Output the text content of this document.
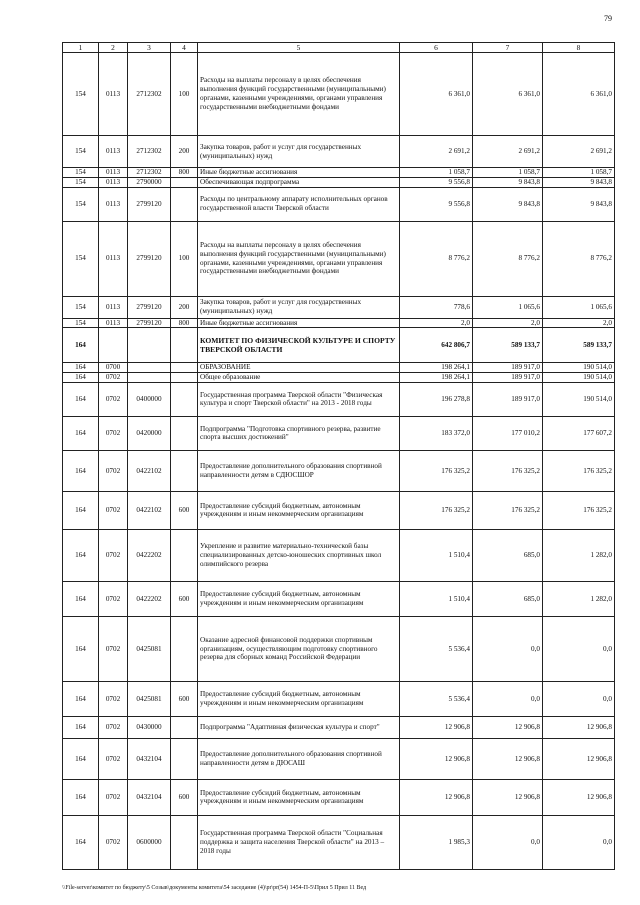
79
1	2	3	4	5	6	7	8
154	0113	2712302	100	Расходы на выплаты персоналу в целях обеспечения выполнения функций государственными (муниципальными) органами, казенными учреждениями, органами управления государственными внебюджетными фондами	6 361,0	6 361,0	6 361,0
154	0113	2712302	200	Закупка товаров, работ и услуг для государственных (муниципальных) нужд	2 691,2	2 691,2	2 691,2
154	0113	2712302	800	Иные бюджетные ассигнования	1 058,7	1 058,7	1 058,7
154	0113	2790000		Обеспечивающая подпрограмма	9 556,8	9 843,8	9 843,8
154	0113	2799120		Расходы по центральному аппарату исполнительных органов государственной власти Тверской области	9 556,8	9 843,8	9 843,8
154	0113	2799120	100	Расходы на выплаты персоналу в целях обеспечения выполнения функций государственными (муниципальными) органами, казенными учреждениями, органами управления государственными внебюджетными фондами	8 776,2	8 776,2	8 776,2
154	0113	2799120	200	Закупка товаров, работ и услуг для государственных (муниципальных) нужд	778,6	1 065,6	1 065,6
154	0113	2799120	800	Иные бюджетные ассигнования	2,0	2,0	2,0
164				КОМИТЕТ ПО ФИЗИЧЕСКОЙ КУЛЬТУРЕ И СПОРТУ ТВЕРСКОЙ ОБЛАСТИ	642 806,7	589 133,7	589 133,7
164	0700			ОБРАЗОВАНИЕ	198 264,1	189 917,0	190 514,0
164	0702			Общее образование	198 264,1	189 917,0	190 514,0
164	0702	0400000		Государственная программа Тверской области "Физическая культура и спорт Тверской области" на 2013 - 2018 годы	196 278,8	189 917,0	190 514,0
164	0702	0420000		Подпрограмма "Подготовка спортивного резерва, развитие спорта высших достижений"	183 372,0	177 010,2	177 607,2
164	0702	0422102		Предоставление дополнительного образования спортивной направленности детям в СДЮСШОР	176 325,2	176 325,2	176 325,2
164	0702	0422102	600	Предоставление субсидий бюджетным, автономным учреждениям и иным некоммерческим организациям	176 325,2	176 325,2	176 325,2
164	0702	0422202		Укрепление и развитие материально-технической базы специализированных детско-юношеских спортивных школ олимпийского резерва	1 510,4	685,0	1 282,0
164	0702	0422202	600	Предоставление субсидий бюджетным, автономным учреждениям и иным некоммерческим организациям	1 510,4	685,0	1 282,0
164	0702	0425081		Оказание адресной финансовой поддержки спортивным организациям, осуществляющим подготовку спортивного резерва для сборных команд Российской Федерации	5 536,4	0,0	0,0
164	0702	0425081	600	Предоставление субсидий бюджетным, автономным учреждениям и иным некоммерческим организациям	5 536,4	0,0	0,0
164	0702	0430000		Подпрограмма "Адаптивная физическая культура и спорт"	12 906,8	12 906,8	12 906,8
164	0702	0432104		Предоставление дополнительного образования спортивной направленности детям в ДЮСАШ	12 906,8	12 906,8	12 906,8
164	0702	0432104	600	Предоставление субсидий бюджетным, автономным учреждениям и иным некоммерческим организациям	12 906,8	12 906,8	12 906,8
164	0702	0600000		Государственная программа Тверской области "Социальная поддержка и защита населения Тверской области" на 2013 – 2018 годы	1 985,3	0,0	0,0
\\File-server\комитет по бюджету\5 Созыв\документы комитета\54 заседание (4)\pr\pr(54) 1454-П-5\Прил 5 Прил 11 Вед
